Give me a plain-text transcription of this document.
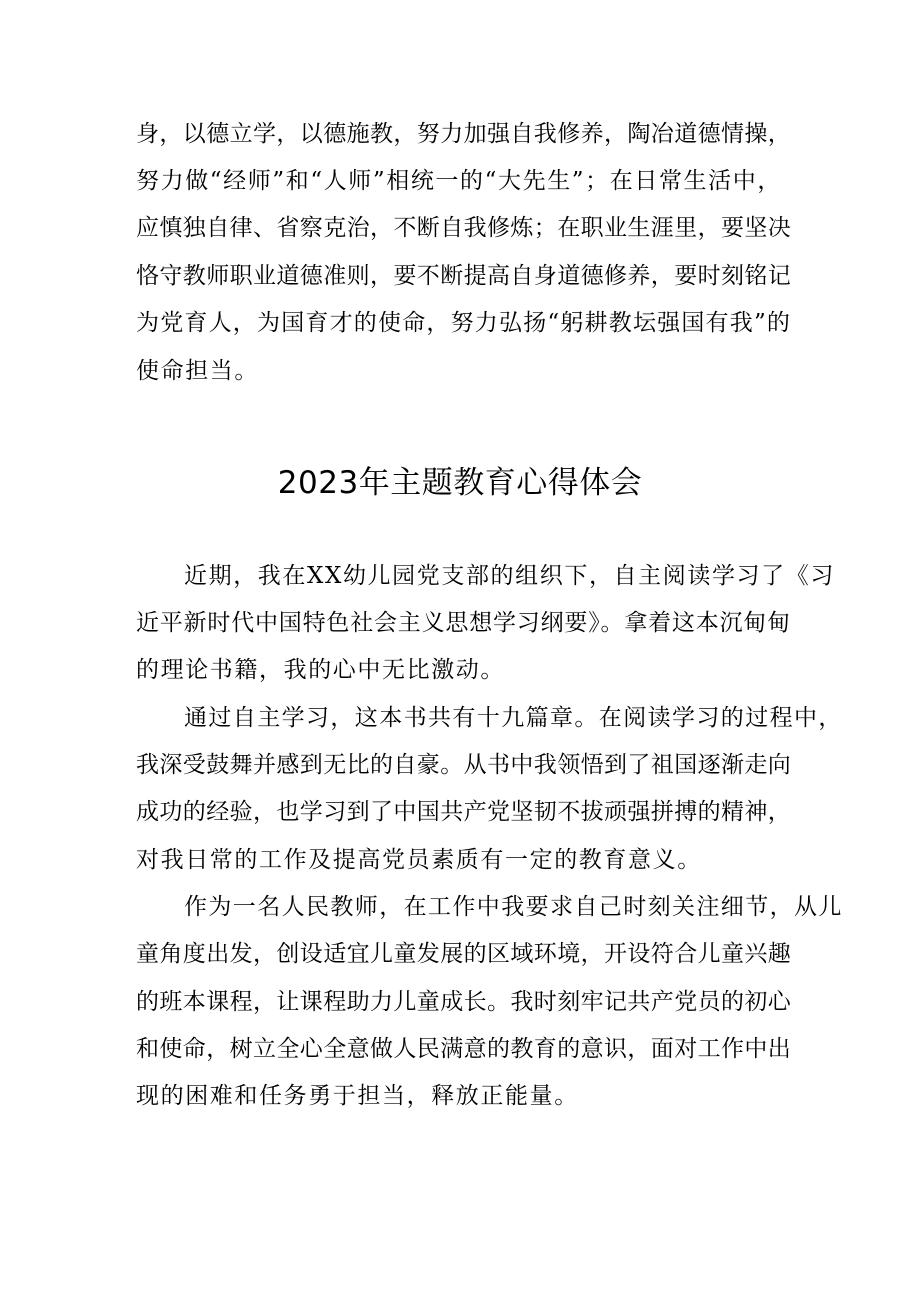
身，以德立学，以德施教，努力加强自我修养，陶冶道德情操，
努力做“经师”和“人师”相统一的“大先生”；在日常生活中，
应慎独自律、省察克治，不断自我修炼；在职业生涯里，要坚决
恪守教师职业道德准则，要不断提高自身道德修养，要时刻铭记
为党育人，为国育才的使命，努力弘扬“躬耕教坛强国有我”的
使命担当。
2023年主题教育心得体会
近期，我在XX幼儿园党支部的组织下，自主阅读学习了《习
近平新时代中国特色社会主义思想学习纲要》。拿着这本沉甸甸
的理论书籍，我的心中无比激动。
通过自主学习，这本书共有十九篇章。在阅读学习的过程中，
我深受鼓舞并感到无比的自豪。从书中我领悟到了祖国逐渐走向
成功的经验，也学习到了中国共产党坚韧不拔顽强拼搏的精神，
对我日常的工作及提高党员素质有一定的教育意义。
作为一名人民教师，在工作中我要求自己时刻关注细节，从儿
童角度出发，创设适宜儿童发展的区域环境，开设符合儿童兴趣
的班本课程，让课程助力儿童成长。我时刻牢记共产党员的初心
和使命，树立全心全意做人民满意的教育的意识，面对工作中出
现的困难和任务勇于担当，释放正能量。
